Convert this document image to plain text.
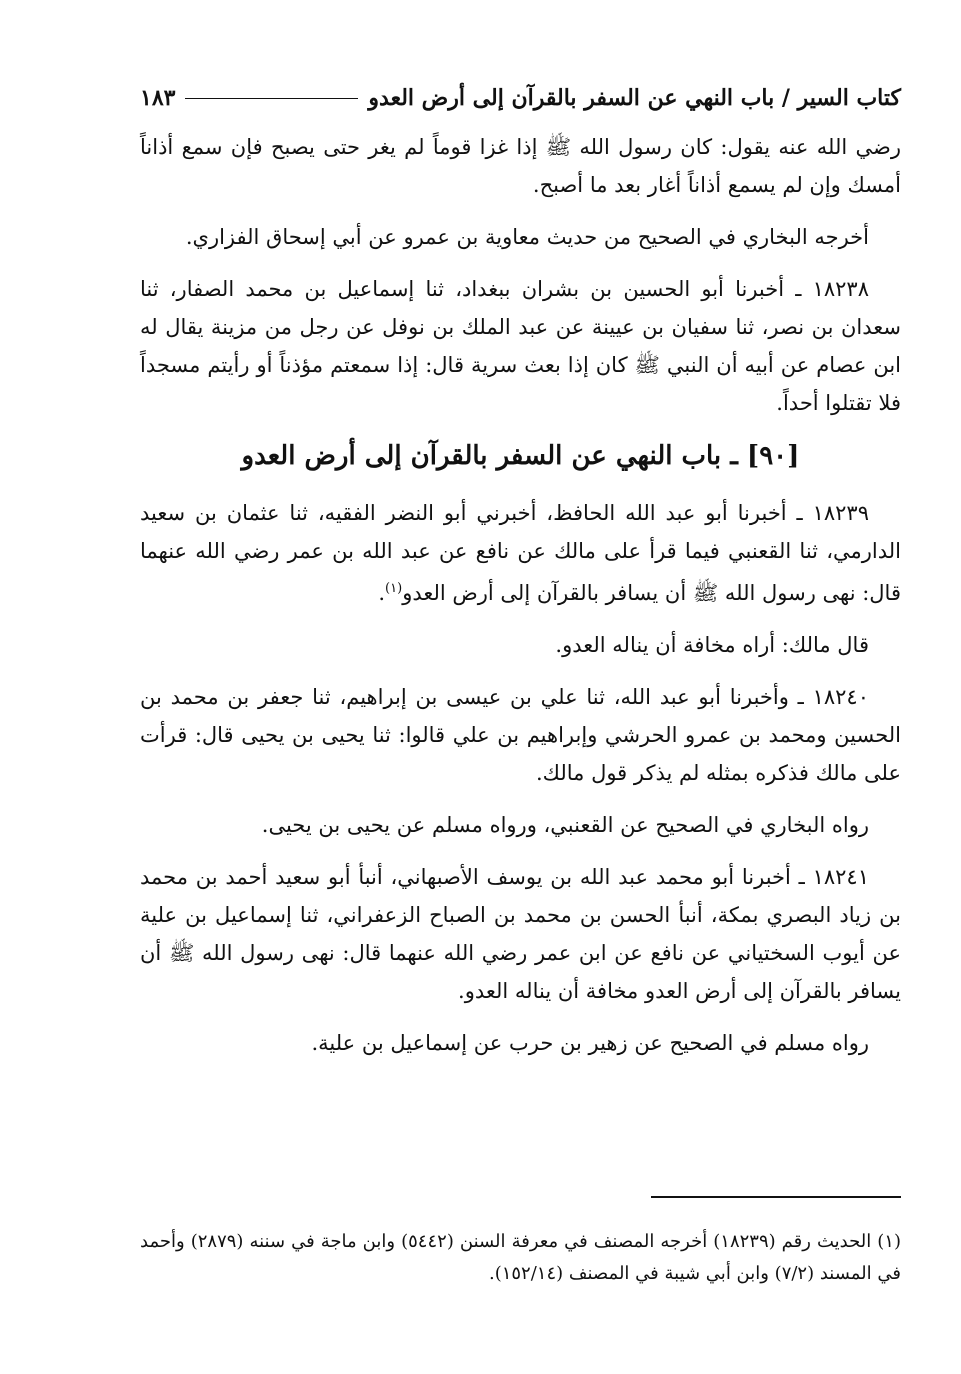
كتاب السير / باب النهي عن السفر بالقرآن إلى أرض العدو
١٨٣

رضي الله عنه يقول: كان رسول الله ﷺ إذا غزا قوماً لم يغر حتى يصبح فإن سمع أذاناً أمسك وإن لم يسمع أذاناً أغار بعد ما أصبح.

أخرجه البخاري في الصحيح من حديث معاوية بن عمرو عن أبي إسحاق الفزاري.

١٨٢٣٨ ـ أخبرنا أبو الحسين بن بشران ببغداد، ثنا إسماعيل بن محمد الصفار، ثنا سعدان بن نصر، ثنا سفيان بن عيينة عن عبد الملك بن نوفل عن رجل من مزينة يقال له ابن عصام عن أبيه أن النبي ﷺ كان إذا بعث سرية قال: إذا سمعتم مؤذناً أو رأيتم مسجداً فلا تقتلوا أحداً.

[٩٠] ـ باب النهي عن السفر بالقرآن إلى أرض العدو

١٨٢٣٩ ـ أخبرنا أبو عبد الله الحافظ، أخبرني أبو النضر الفقيه، ثنا عثمان بن سعيد الدارمي، ثنا القعنبي فيما قرأ على مالك عن نافع عن عبد الله بن عمر رضي الله عنهما قال: نهى رسول الله ﷺ أن يسافر بالقرآن إلى أرض العدو$^{(١)}$.

قال مالك: أراه مخافة أن يناله العدو.

١٨٢٤٠ ـ وأخبرنا أبو عبد الله، ثنا علي بن عيسى بن إبراهيم، ثنا جعفر بن محمد بن الحسين ومحمد بن عمرو الحرشي وإبراهيم بن علي قالوا: ثنا يحيى بن يحيى قال: قرأت على مالك فذكره بمثله لم يذكر قول مالك.

رواه البخاري في الصحيح عن القعنبي، ورواه مسلم عن يحيى بن يحيى.

١٨٢٤١ ـ أخبرنا أبو محمد عبد الله بن يوسف الأصبهاني، أنبأ أبو سعيد أحمد بن محمد بن زياد البصري بمكة، أنبأ الحسن بن محمد بن الصباح الزعفراني، ثنا إسماعيل بن علية عن أيوب السختياني عن نافع عن ابن عمر رضي الله عنهما قال: نهى رسول الله ﷺ أن يسافر بالقرآن إلى أرض العدو مخافة أن يناله العدو.

رواه مسلم في الصحيح عن زهير بن حرب عن إسماعيل بن علية.

(١) الحديث رقم (١٨٢٣٩) أخرجه المصنف في معرفة السنن (٥٤٤٢) وابن ماجة في سننه (٢٨٧٩) وأحمد في المسند (٧/٢) وابن أبي شيبة في المصنف (١٥٢/١٤).
